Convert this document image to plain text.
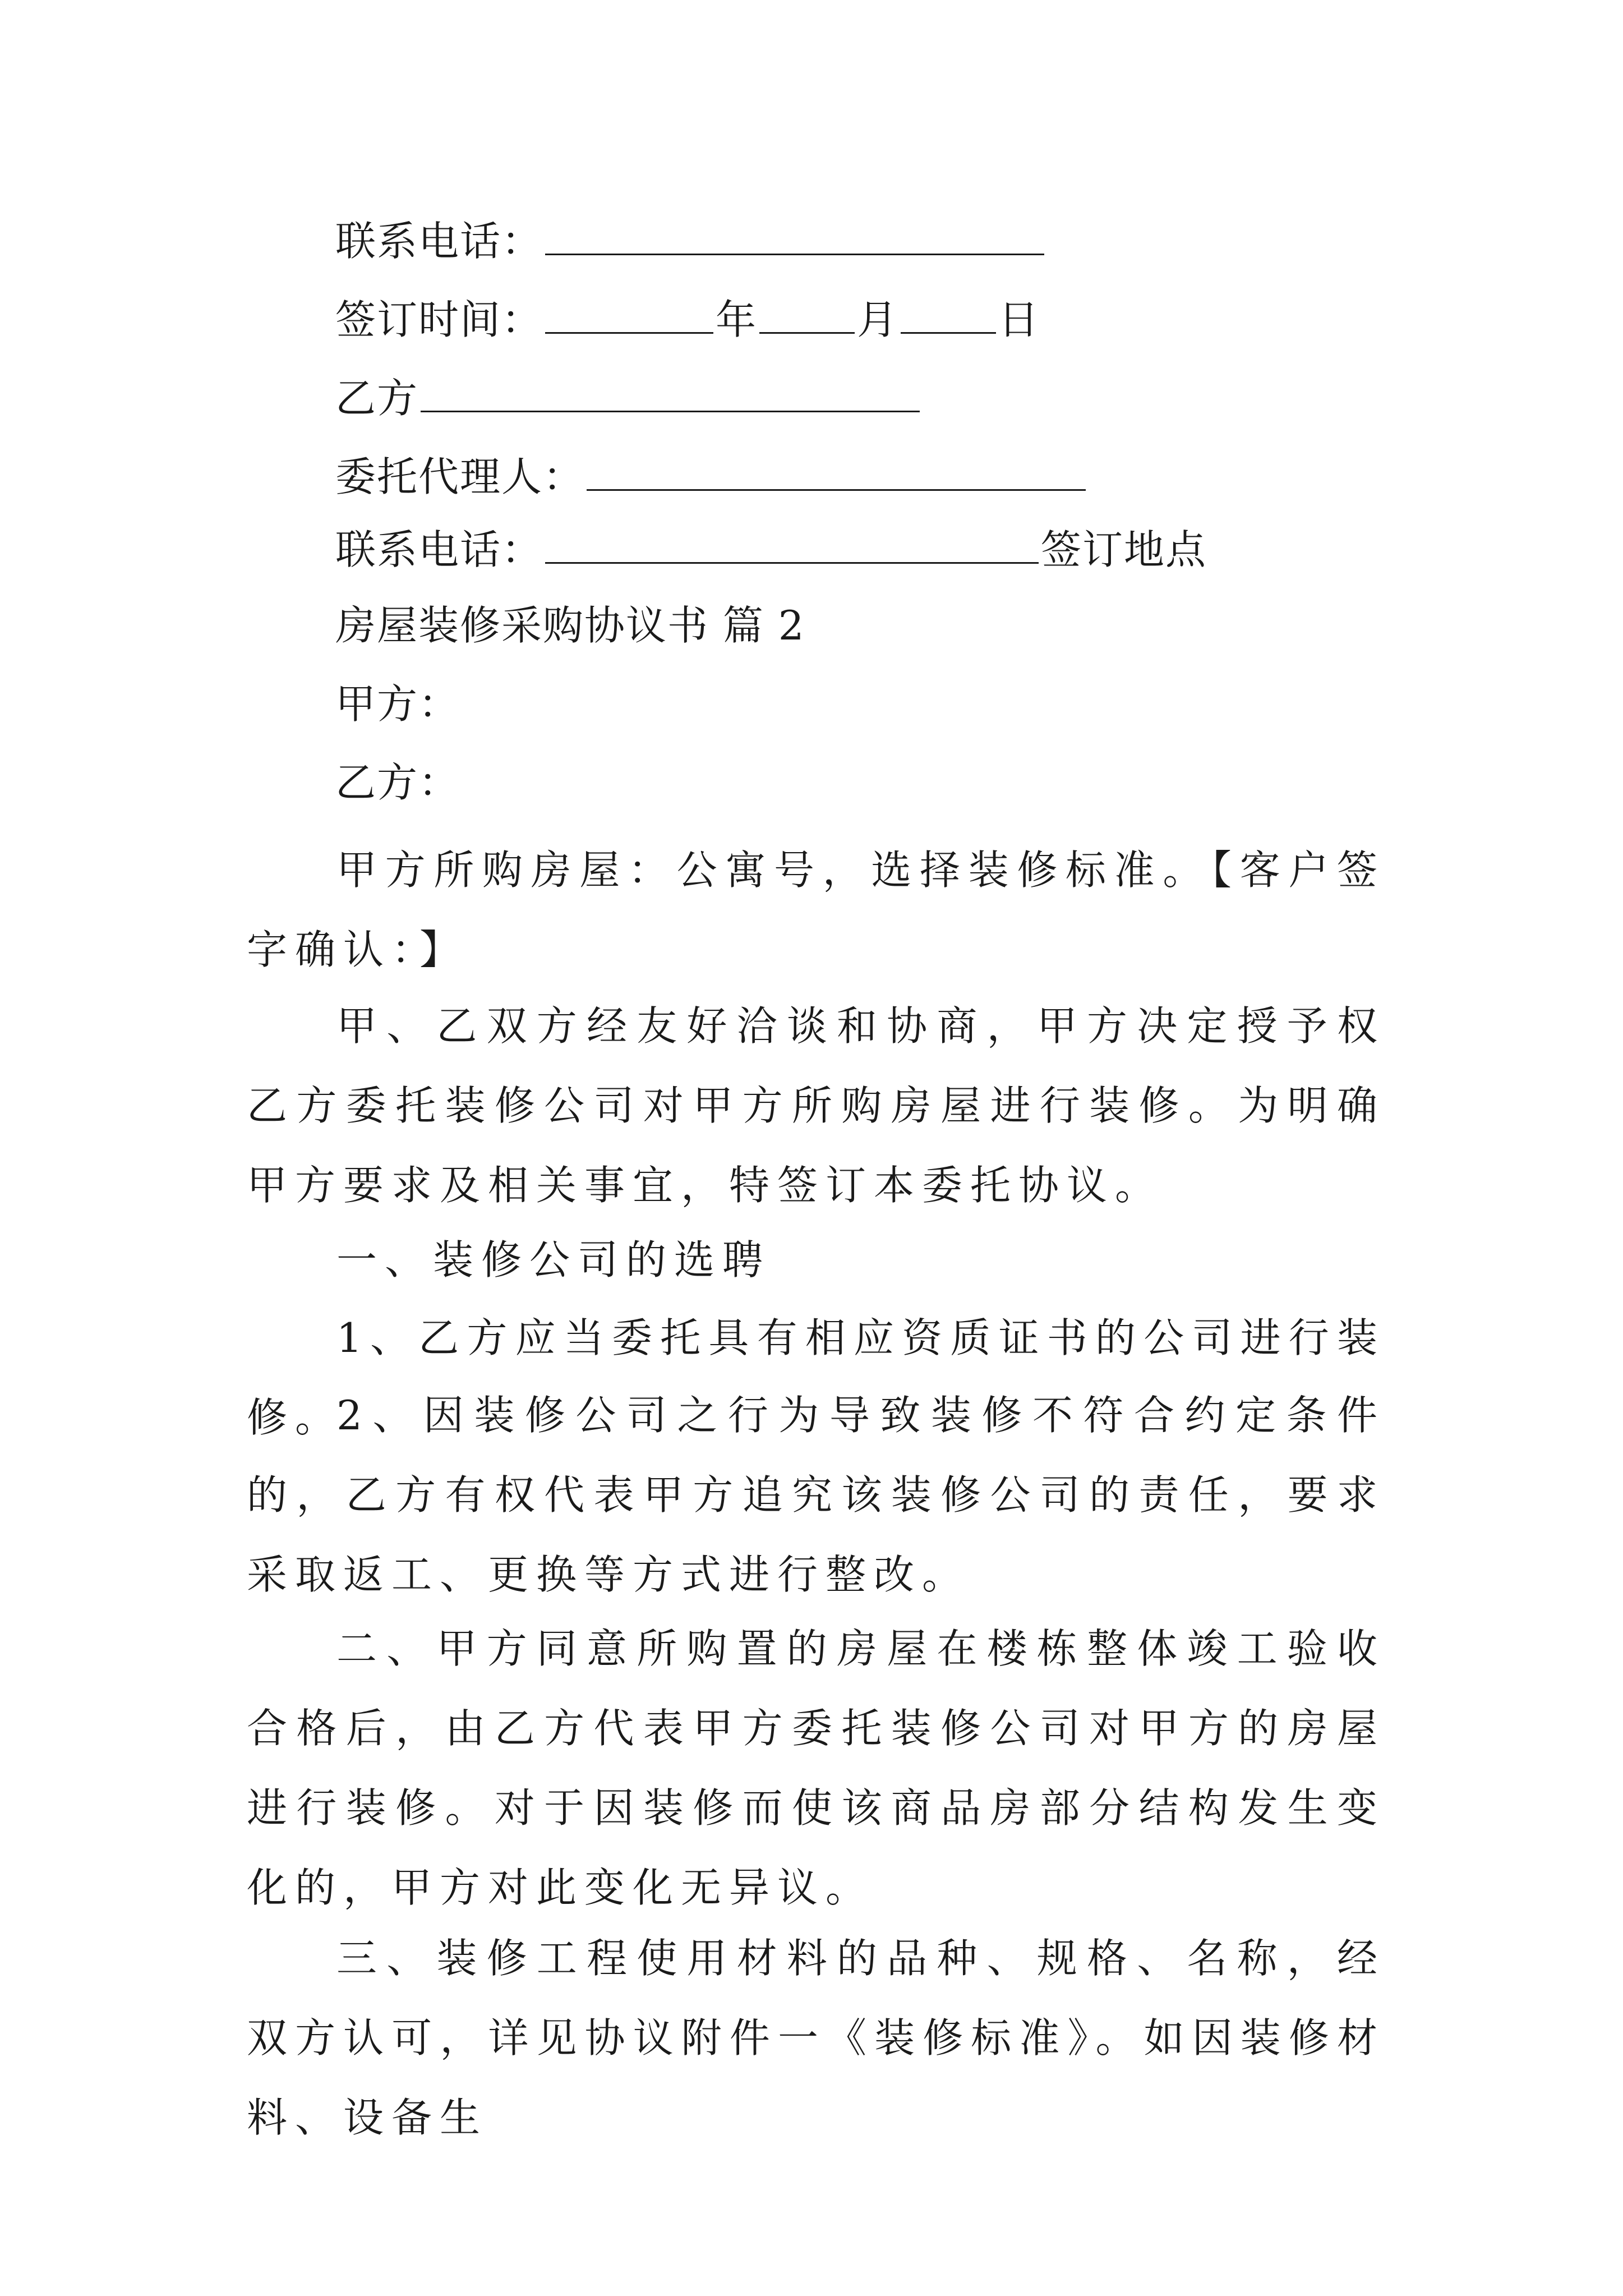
联系电话：
签订时间：	年 月 日
乙方
委托代理人：
联系电话：	签订地点
房屋装修采购协议书 篇 2
甲方：
乙方：

甲方所购房屋：公寓号，选择装修标准。【客户签字确认：】

甲、乙双方经友好洽谈和协商，甲方决定授予权乙方委托装修公司对甲方所购房屋进行装修。为明确甲方要求及相关事宜，特签订本委托协议。

一、装修公司的选聘

1、乙方应当委托具有相应资质证书的公司进行装修。

2、因装修公司之行为导致装修不符合约定条件的，乙方有权代表甲方追究该装修公司的责任，要求采取返工、更换等方式进行整改。

二、甲方同意所购置的房屋在楼栋整体竣工验收合格后，由乙方代表甲方委托装修公司对甲方的房屋进行装修。对于因装修而使该商品房部分结构发生变化的，甲方对此变化无异议。

三、装修工程使用材料的品种、规格、名称，经双方认可，详见协议附件一《装修标准》。如因装修材料、设备生
